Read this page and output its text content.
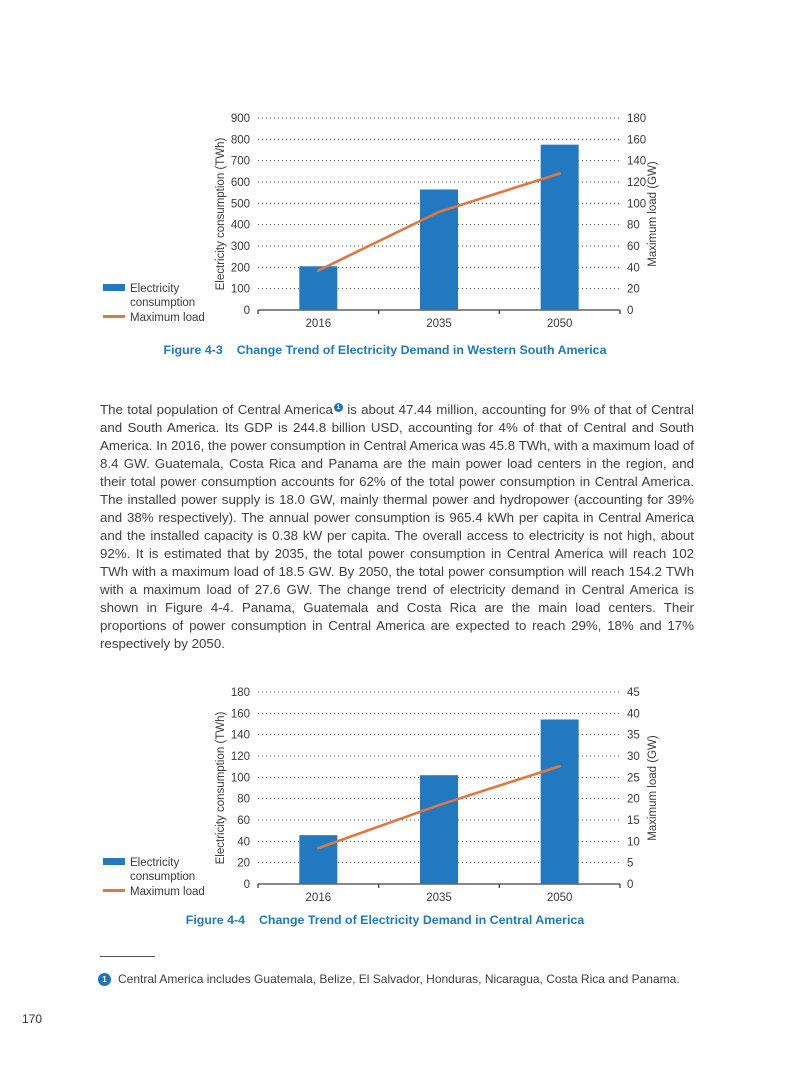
0
100
200
300
400
500
600
700
800
900
0
20
40
60
80
100
120
140
160
180
2016	2035	2050
Electricity consumption (TWh)	Maximum load (GW)
Electricity
consumption
Maximum load
Figure 4-3 Change Trend of Electricity Demand in Western South America

The total population of Central America 1 is about 47.44 million, accounting for 9% of that of Central and South America. Its GDP is 244.8 billion USD, accounting for 4% of that of Central and South America. In 2016, the power consumption in Central America was 45.8 TWh, with a maximum load of 8.4 GW. Guatemala, Costa Rica and Panama are the main power load centers in the region, and their total power consumption accounts for 62% of the total power consumption in Central America. The installed power supply is 18.0 GW, mainly thermal power and hydropower (accounting for 39% and 38% respectively). The annual power consumption is 965.4 kWh per capita in Central America and the installed capacity is 0.38 kW per capita. The overall access to electricity is not high, about 92%. It is estimated that by 2035, the total power consumption in Central America will reach 102 TWh with a maximum load of 18.5 GW. By 2050, the total power consumption will reach 154.2 TWh with a maximum load of 27.6 GW. The change trend of electricity demand in Central America is shown in Figure 4-4. Panama, Guatemala and Costa Rica are the main load centers. Their proportions of power consumption in Central America are expected to reach 29%, 18% and 17% respectively by 2050.

0
20
40
60
80
100
120
140
160
180
0
5
10
15
20
25
30
35
40
45
2016	2035	2050
Electricity consumption (TWh)	Maximum load (GW)
Electricity
consumption
Maximum load
Figure 4-4 Change Trend of Electricity Demand in Central America
1 Central America includes Guatemala, Belize, El Salvador, Honduras, Nicaragua, Costa Rica and Panama.
170
